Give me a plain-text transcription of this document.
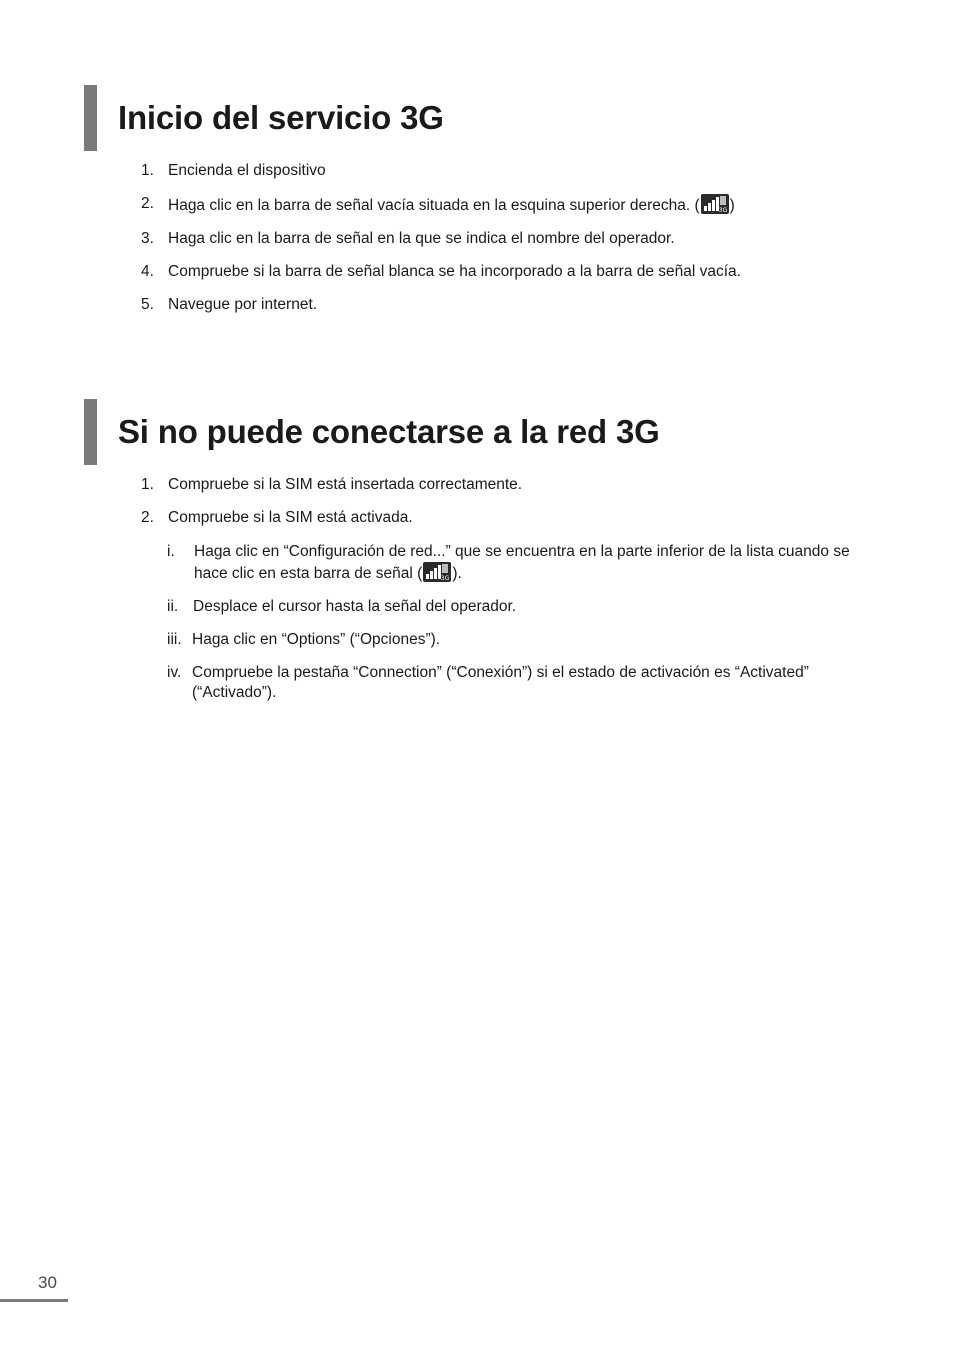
Inicio del servicio 3G
1. Encienda el dispositivo
2. Haga clic en la barra de señal vacía situada en la esquina superior derecha. (	3G )
3. Haga clic en la barra de señal en la que se indica el nombre del operador.
4. Compruebe si la barra de señal blanca se ha incorporado a la barra de señal vacía.
5. Navegue por internet.
Si no puede conectarse a la red 3G
1. Compruebe si la SIM está insertada correctamente.
2. Compruebe si la SIM está activada.
i.	Haga clic en “Configuración de red...” que se encuentra en la parte inferior de la lista cuando se hace clic en esta barra de señal (	3G ).
ii. Desplace el cursor hasta la señal del operador.
iii. Haga clic en “Options” (“Opciones”).
iv. Compruebe la pestaña “Connection” (“Conexión”) si el estado de activación es “Activated” (“Activado”).
30
